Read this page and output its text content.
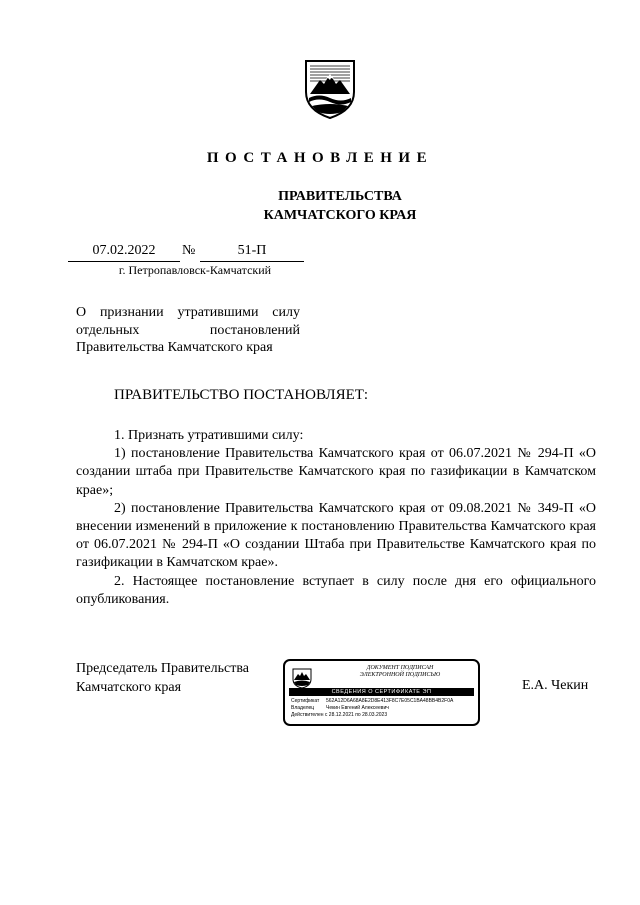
ПОСТАНОВЛЕНИЕ
ПРАВИТЕЛЬСТВА
КАМЧАТСКОГО КРАЯ
07.02.2022	№	51-П
г. Петропавловск-Камчатский
О признании утратившими силу отдельных постановлений Правительства Камчатского края
ПРАВИТЕЛЬСТВО ПОСТАНОВЛЯЕТ:

1. Признать утратившими силу:

1) постановление Правительства Камчатского края от 06.07.2021 № 294-П «О создании штаба при Правительстве Камчатского края по газификации в Камчатском крае»;

2) постановление Правительства Камчатского края от 09.08.2021 № 349-П «О внесении изменений в приложение к постановлению Правительства Камчатского края от 06.07.2021 № 294-П «О создании Штаба при Правительстве Камчатского края по газификации в Камчатском крае».

2. Настоящее постановление вступает в силу после дня его официального опубликования.

Председатель Правительства
Камчатского края
ДОКУМЕНТ ПОДПИСАН
ЭЛЕКТРОННОЙ ПОДПИСЬЮ
СВЕДЕНИЯ О СЕРТИФИКАТЕ ЭП
Сертификат 562A12D6A68A8E2D8E413F8C7E05C1BA48BB4B2F0A
Владелец Чекин Евгений Алексеевич
Действителен с 28.12.2021 по 28.03.2023
Е.А. Чекин
